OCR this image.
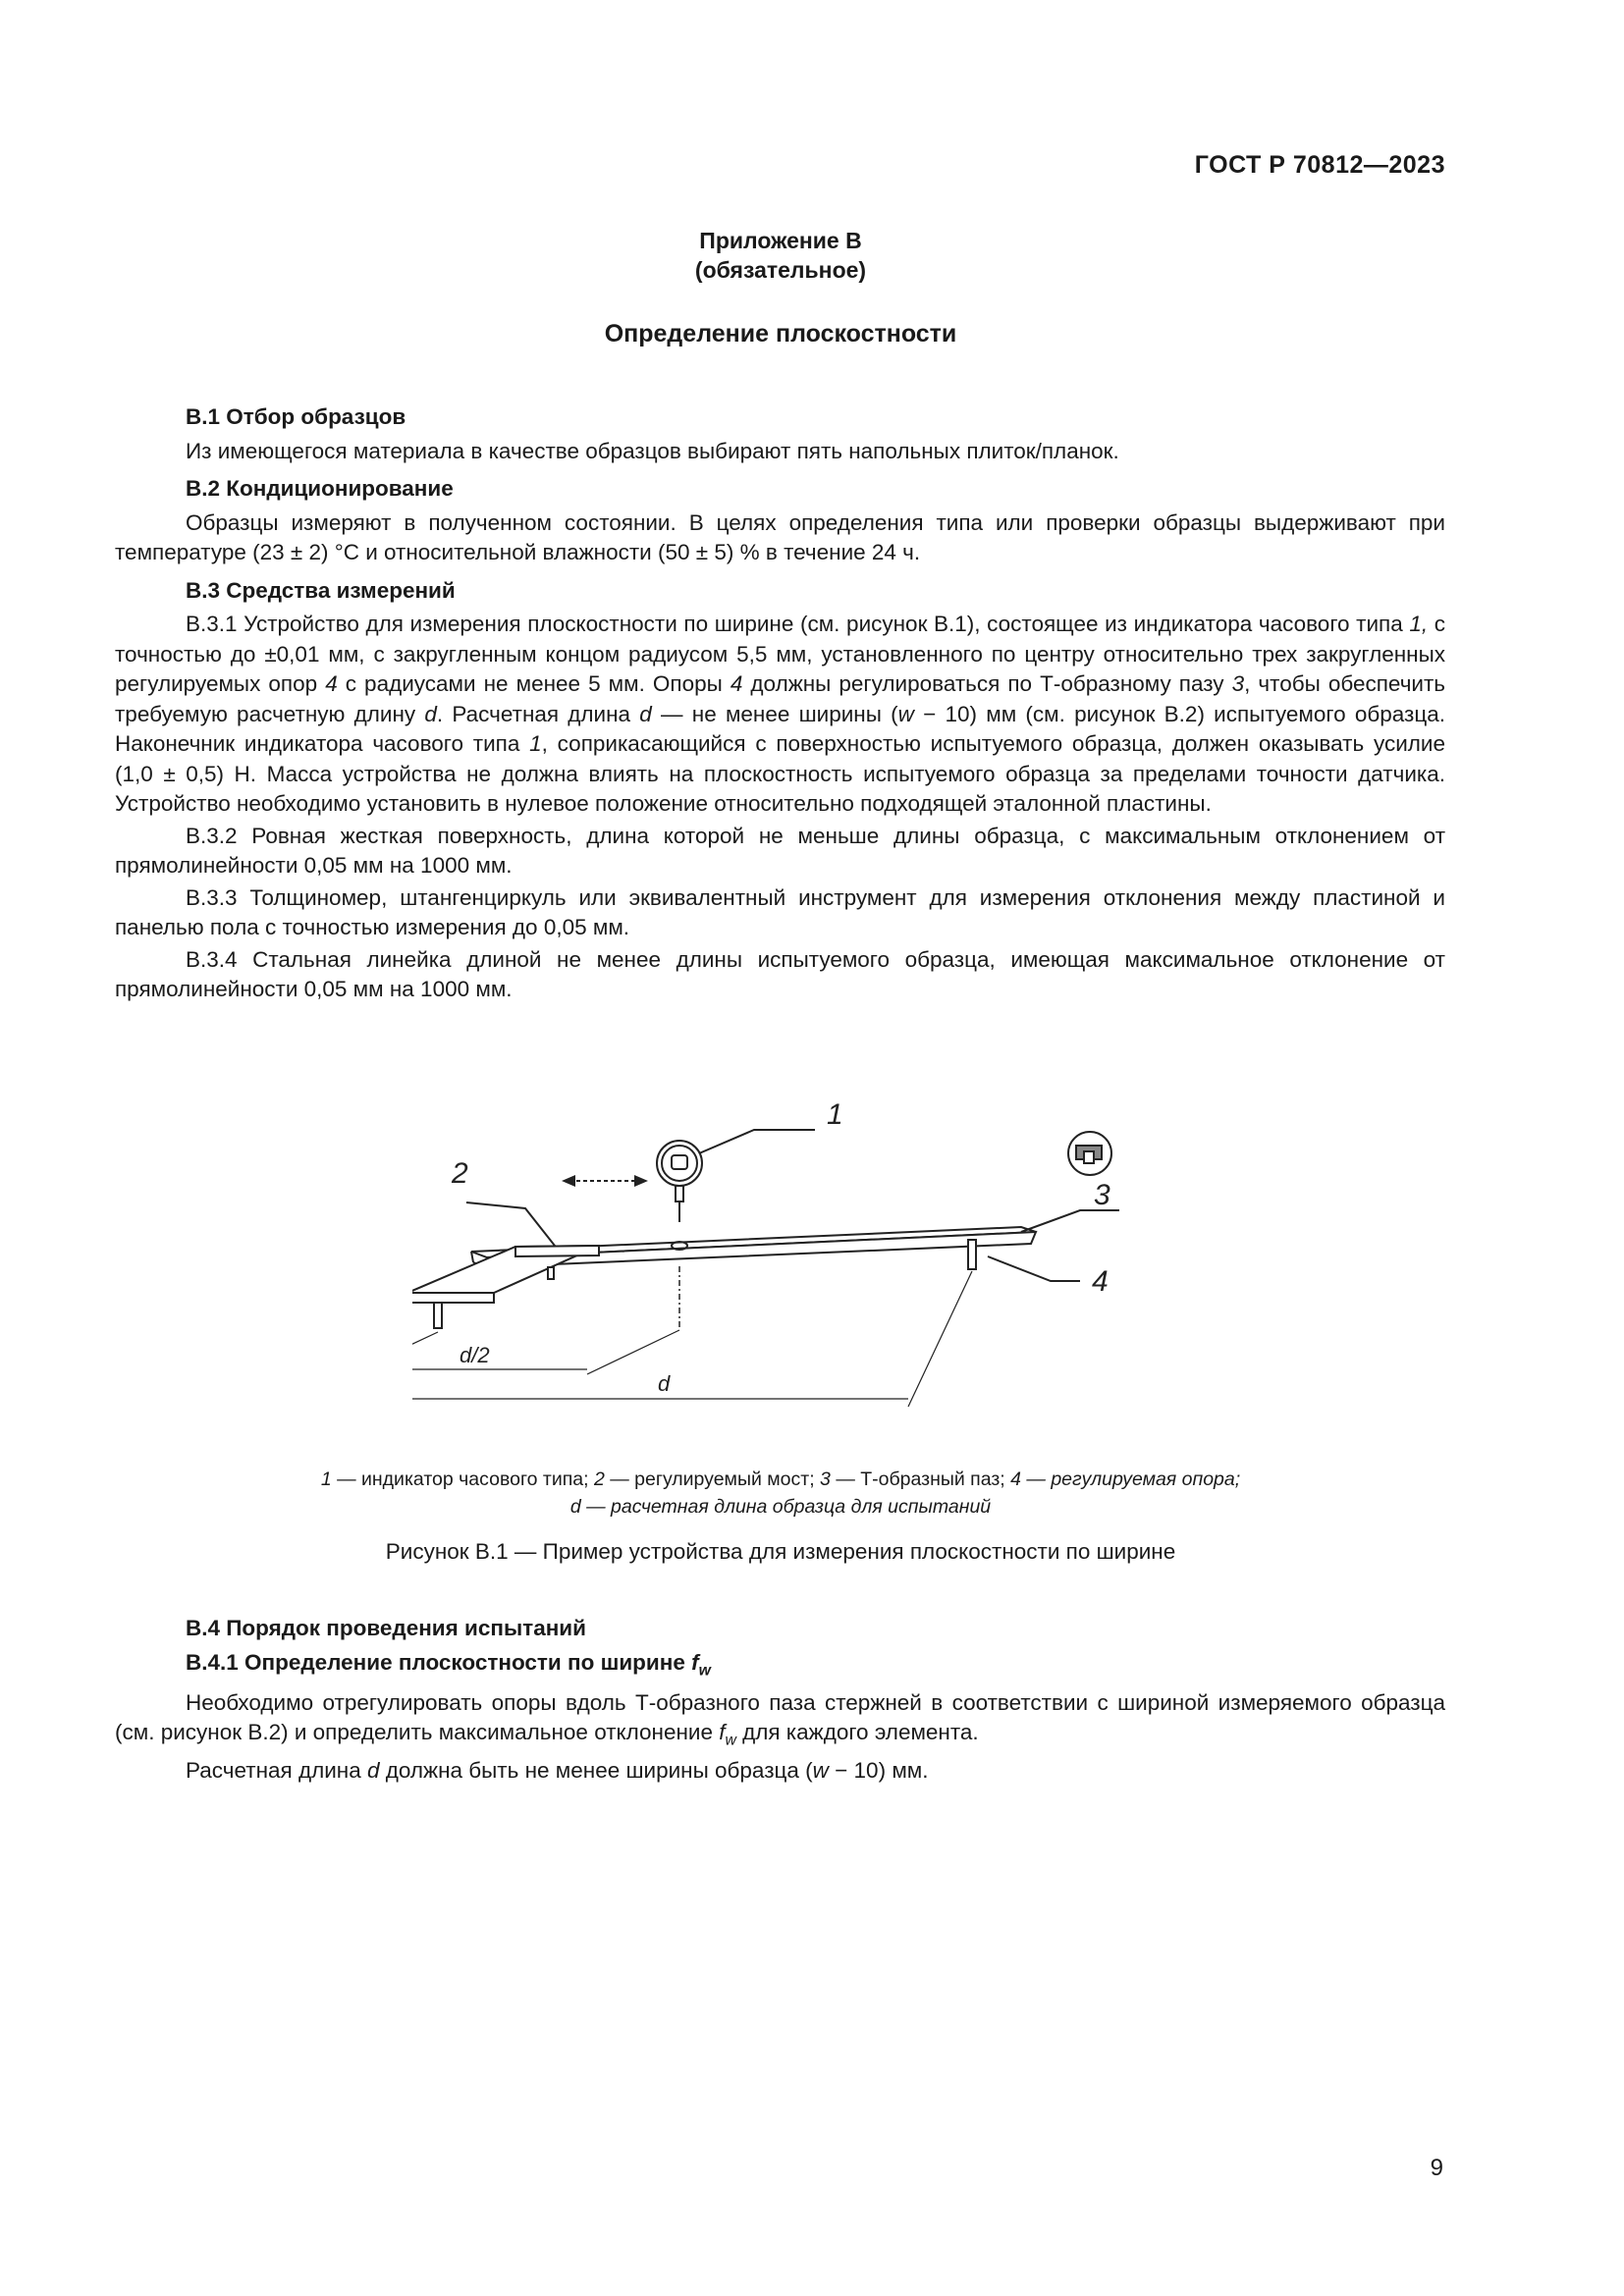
ГОСТ Р 70812—2023
Приложение В
(обязательное)
Определение плоскостности
В.1 Отбор образцов

Из имеющегося материала в качестве образцов выбирают пять напольных плиток/планок.

В.2 Кондиционирование

Образцы измеряют в полученном состоянии. В целях определения типа или проверки образцы выдерживают при температуре (23 ± 2) °С и относительной влажности (50 ± 5) % в течение 24 ч.

В.3 Средства измерений

В.3.1 Устройство для измерения плоскостности по ширине (см. рисунок В.1), состоящее из индикатора часового типа 1, с точностью до ±0,01 мм, с закругленным концом радиусом 5,5 мм, установленного по центру относительно трех закругленных регулируемых опор 4 с радиусами не менее 5 мм. Опоры 4 должны регулироваться по Т-образному пазу 3, чтобы обеспечить требуемую расчетную длину d. Расчетная длина d — не менее ширины (w − 10) мм (см. рисунок В.2) испытуемого образца. Наконечник индикатора часового типа 1, соприкасающийся с поверхностью испытуемого образца, должен оказывать усилие (1,0 ± 0,5) Н. Масса устройства не должна влиять на плоскостность испытуемого образца за пределами точности датчика. Устройство необходимо установить в нулевое положение относительно подходящей эталонной пластины.

В.3.2 Ровная жесткая поверхность, длина которой не меньше длины образца, с максимальным отклонением от прямолинейности 0,05 мм на 1000 мм.

В.3.3 Толщиномер, штангенциркуль или эквивалентный инструмент для измерения отклонения между пластиной и панелью пола с точностью измерения до 0,05 мм.

В.3.4 Стальная линейка длиной не менее длины испытуемого образца, имеющая максимальное отклонение от прямолинейности 0,05 мм на 1000 мм.

1
2
3
4
d/2
d
1 — индикатор часового типа; 2 — регулируемый мост; 3 — Т-образный паз; 4 — регулируемая опора;
d — расчетная длина образца для испытаний
Рисунок В.1 — Пример устройства для измерения плоскостности по ширине
В.4 Порядок проведения испытаний
В.4.1 Определение плоскостности по ширине $f_w$

Необходимо отрегулировать опоры вдоль Т-образного паза стержней в соответствии с шириной измеряемого образца (см. рисунок В.2) и определить максимальное отклонение $f_w$ для каждого элемента.

Расчетная длина d должна быть не менее ширины образца (w − 10) мм.

9
